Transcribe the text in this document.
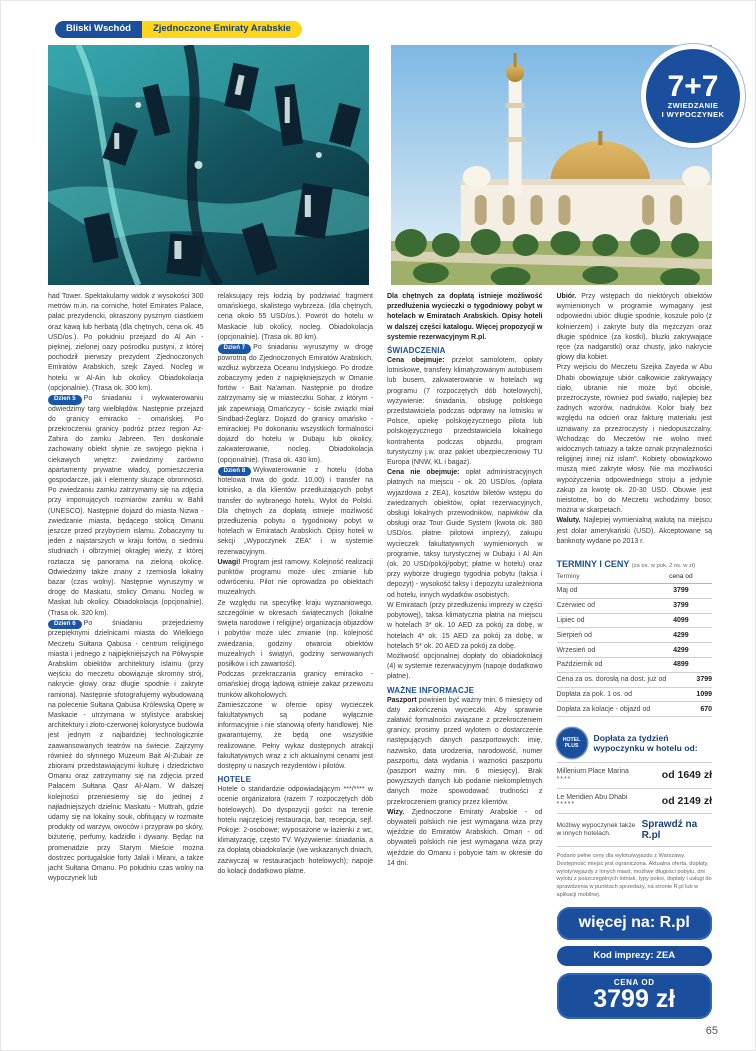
Bliski Wschód	Zjednoczone Emiraty Arabskie
7+7
ZWIEDZANIE
I WYPOCZYNEK

had Tower. Spektakularny widok z wysokości 300 metrów m.in. na corniche, hotel Emirates Palace, pałac prezydencki, okraszony pysznym ciastkiem oraz kawą lub herbatą (dla chętnych, cena ok. 45 USD/os.). Po południu przejazd do Al Ain - pięknej, zielonej oazy pośrodku pustyni, z której pochodził pierwszy prezydent Zjednoczonych Emiratów Arabskich, szejk Zayed. Nocleg w hotelu w Al-Ain lub okolicy. Obiadokolacja (opcjonalnie). (Trasa ok. 300 km).

Dzień 5 Po śniadaniu i wykwaterowaniu odwiedzimy targ wielbłądów. Następnie przejazd do granicy emiracko - omańskiej. Po przekroczeniu granicy podróż przez region Az-Zahira do zamku Jabreen. Ten doskonale zachowany obiekt słynie ze swojego piękna i ciekawych wnętrz: zwiedzimy zarówno apartamenty prywatne władcy, pomieszczenia gospodarcze, jak i elementy służące obronności. Po zwiedzaniu zamku zatrzymamy się na zdjęcia przy imponujących rozmiarów zamku w Bahli (UNESCO). Następnie dojazd do miasta Nizwa - zwiedzanie miasta, będącego stolicą Omanu jeszcze przed przybyciem islamu. Zobaczymy tu jeden z najstarszych w kraju fortów, o siedmiu studniach i olbrzymiej okrągłej wieży, z której roztacza się panorama na zieloną okolicę. Odwiedzimy także znany z rzemiosła lokalny bazar (czas wolny). Następnie wyruszymy w drogę do Maskatu, stolicy Omanu. Nocleg w Maskat lub okolicy. Obiadokolacja (opcjonalnie). (Trasa ok. 320 km).

Dzień 6 Po śniadaniu przejedziemy przepięknymi dzielnicami miasta do Wielkiego Meczetu Sułtana Qabusa - centrum religijnego miasta i jednego z najpiękniejszych na Półwyspie Arabskim obiektów architektury islamu (przy wejściu do meczetu obowiązuje skromny strój, nakrycie głowy oraz długie spodnie i zakryte ramiona). Następnie sfotografujemy wybudowaną na polecenie Sułtana Qabusa Królewską Operę w Maskacie - utrzymana w stylistyce arabskiej architektury i złoto-czerwonej kolorystyce budowla jest jednym z najbardziej technologicznie zaawansowanych teatrów na świecie. Zajrzymy również do słynnego Muzeum Bait Al-Zubair ze zbiorami przedstawiającymi kulturę i dziedzictwo Omanu oraz zatrzymamy się na zdjęcia przed Pałacem Sułtana Qasr Al-Alam. W dalszej kolejności przeniesiemy się do jednej z najładniejszych dzielnic Maskatu - Muttrah, gdzie udamy się na lokalny souk, obfitujący w rozmaite produkty od warzyw, owoców i przypraw po skóry, biżuterię, perfumy, kadzidło i dywany. Będąc na promenadzie przy Starym Mieście można dostrzec portugalskie forty Jalali i Mirani, a także jacht Sułtana Omanu. Po południu czas wolny na wypoczynek lub

relaksujący rejs łodzią by podziwiać fragment omańskiego, skalistego wybrzeża. (dla chętnych, cena około 55 USD/os.). Powrót do hotelu w Maskacie lub okolicy, nocleg. Obiadokolacja (opcjonalnie). (Trasa ok. 80 km).

Dzień 7 Po śniadaniu wyruszymy w drogę powrotną do Zjednoczonych Emiratów Arabskich, wzdłuż wybrzeża Oceanu Indyjskiego. Po drodze zobaczymy jeden z najpiękniejszych w Omanie fortów - Bait Na'aman. Następnie po drodze zatrzymamy się w miasteczku Sohar, z którym - jak zapewniają Omańczycy - ścisłe związki miał Sindbad-Żeglarz. Dojazd do granicy omańsko - emirackiej. Po dokonaniu wszystkich formalności dojazd do hotelu w Dubaju lub okolicy, zakwaterowanie, nocleg. Obiadokolacja (opcjonalnie). (Trasa ok. 430 km).

Dzień 8 Wykwaterowanie z hotelu (doba hotelowa trwa do godz. 10.00) i transfer na lotnisko, a dla klientów przedłużających pobyt transfer do wybranego hotelu. Wylot do Polski. Dla chętnych za dopłatą istnieje możliwość przedłużenia pobytu o tygodniowy pobyt w hotelach w Emiratach Arabskich. Opisy hoteli w sekcji „Wypoczynek ZEA” i w systemie rezerwacyjnym.

Uwagi! Program jest ramowy. Kolejność realizacji punktów programu może ulec zmianie lub odwróceniu. Pilot nie oprowadza po obiektach muzealnych.

Ze względu na specyfikę kraju wyznaniowego, szczególnie w okresach świątecznych (lokalne święta narodowe i religijne) organizacja objazdów i pobytów może ulec zmianie (np. kolejność zwiedzania, godziny otwarcia obiektów muzealnych i świątyń, godziny serwowanych posiłków i ich zawartość).

Podczas przekraczania granicy emiracko - omańskiej drogą lądową istnieje zakaz przewozu trunków alkoholowych.

Zamieszczone w ofercie opisy wycieczek fakultatywnych są podane wyłącznie informacyjnie i nie stanowią oferty handlowej. Nie gwarantujemy, że będą one wszystkie realizowane. Pełny wykaz dostępnych atrakcji fakultatywnych wraz z ich aktualnymi cenami jest dostępny u naszych rezydentów i pilotów.

HOTELE

Hotele o standardzie odpowiadającym ***/**** w ocenie organizatora (razem 7 rozpoczętych dób hotelowych). Do dyspozycji gości: na terenie hotelu najczęściej restauracja, bar, recepcja, sejf. Pokoje: 2-osobowe; wyposażone w łazienki z wc, klimatyzację, często TV. Wyżywienie: śniadania, a za dopłatą obiadokolacje (we wskazanych dniach, zazwyczaj w restauracjach hotelowych); napoje do kolacji dodatkowo płatne.

Dla chętnych za dopłatą istnieje możliwość przedłużenia wycieczki o tygodniowy pobyt w hotelach w Emiratach Arabskich. Opisy hoteli w dalszej części katalogu. Więcej propozycji w systemie rezerwacyjnym R.pl.

ŚWIADCZENIA

Cena obejmuje: przelot samolotem, opłaty lotniskowe, transfery klimatyzowanym autobusem lub busem, zakwaterowanie w hotelach wg programu (7 rozpoczętych dób hotelowych), wyżywienie: śniadania, obsługę polskiego przedstawiciela podczas odprawy na lotnisku w Polsce, opiekę polskojęzycznego pilota lub polskojęzycznego przedstawiciela lokalnego kontrahenta podczas objazdu, program turystyczny j.w. oraz pakiet ubezpieczeniowy TU Europa (NNW, KL i bagaż).

Cena nie obejmuje: opłat administracyjnych płatnych na miejscu - ok. 20 USD/os. (opłata wyjazdowa z ZEA), kosztów biletów wstępu do zwiedzanych obiektów, opłat rezerwacyjnych, obsługi lokalnych przewodników, napiwków dla obsługi oraz Tour Guide System (kwota ok. 380 USD/os. płatne pilotowi imprezy), zakupu wycieczek fakultatywnych wymienionych w programie, taksy turystycznej w Dubaju i Al Ain (ok. 20 USD/pokój/pobyt; płatne w hotelu) oraz przy wyborze drugiego tygodnia pobytu (taksa i depozyt) - wysokość taksy i depozytu uzależniona od hotelu, innych wydatków osobistych.

W Emiratach (przy przedłużeniu imprezy w części pobytowej), taksa klimatyczna płatna na miejscu w hotelach 3* ok. 10 AED za pokój za dobę, w hotelach 4* ok. 15 AED za pokój za dobę, w hotelach 5* ok. 20 AED za pokój za dobę.

Możliwość opcjonalnej dopłaty do obiadokolacji (4) w systemie rezerwacyjnym (napoje dodatkowo płatne).

WAŻNE INFORMACJE

Paszport powinien być ważny min. 6 miesięcy od daty zakończenia wycieczki. Aby sprawnie załatwić formalności związane z przekroczeniem granicy, prosimy przed wylotem o dostarczenie następujących danych paszportowych: imię, nazwisko, data urodzenia, narodowość, numer paszportu, data wydania i ważności paszportu (paszport ważny min. 6 miesięcy). Brak powyższych danych lub podanie niekompletnych danych może spowodować trudności z przekroczeniem granicy przez klientów.

Wizy. Zjednoczone Emiraty Arabskie - od obywateli polskich nie jest wymagana wiza przy wjeździe do Emiratów Arabskich. Oman - od obywateli polskich nie jest wymagana wiza przy wjeździe do Omanu i pobycie tam w okresie do 14 dni.

Ubiór. Przy wstępach do niektórych obiektów wymienionych w programie wymagany jest odpowiedni ubiór: długie spodnie, koszule polo (z kołnierzem) i zakryte buty dla mężczyzn oraz długie spódnice (za kostki), bluzki zakrywające ręce (za nadgarstki) oraz chusty, jako nakrycie głowy dla kobiet.

Przy wejściu do Meczetu Szejka Zayeda w Abu Dhabi obowiązuje ubiór całkowicie zakrywający ciało, ubranie nie może być obcisłe, przezroczyste, również pod światło, najlepiej bez żadnych wzorów, nadruków. Kolor biały bez względu na odcień oraz fakturę materiału jest uznawany za przezroczysty i niedopuszczalny. Wchodząc do Meczetów nie wolno mieć widocznych tatuaży a także oznak przynależności religijnej innej niż islam”. Kobiety obowiązkowo muszą mieć zakryte włosy. Nie ma możliwości wypożyczenia odpowiedniego stroju a jedynie zakup za kwotę ok. 20-30 USD. Obuwie jest nieistotne, bo do Meczetu wchodzimy boso; można w skarpetach.

Waluty. Najlepiej wymienialną walutą na miejscu jest dolar amerykański (USD). Akceptowane są banknoty wydane po 2013 r.

TERMINY I CENY (za os. w pok. 2 os. w zł)
Terminy	cena od
Maj od	3799
Czerwiec od	3799
Lipiec od	4099
Sierpień od	4299
Wrzesień od	4299
Październik od	4899
Cena za os. dorosłą na dost. już od	3799
Dopłata za pok. 1 os. od	1099
Dopłata za kolacje - objazd od	670
HOTEL
PLUS
Dopłata za tydzień wypoczynku w hotelu od:
Millenium Place Marina
****	od 1649 zł
Le Meridien Abu Dhabi
*****	od 2149 zł
Możliwy wypoczynek także w innych hotelach.
Sprawdź na R.pl
Podano pełne ceny dla wylotu/wyjazdu z Warszawy. Dostępność miejsc jest ograniczona. Aktualna oferta, dopłaty, wyloty/wyjazdy z innych miast, możliwe długości pobytu, dni wylotu z poszczególnych lotnisk, typy pokoi, dopłaty i usługi do sprawdzenia w punktach sprzedaży, na stronie R.pl lub w aplikacji mobilnej.
więcej na: R.pl
Kod imprezy: ZEA
CENA OD
3799 zł
65
